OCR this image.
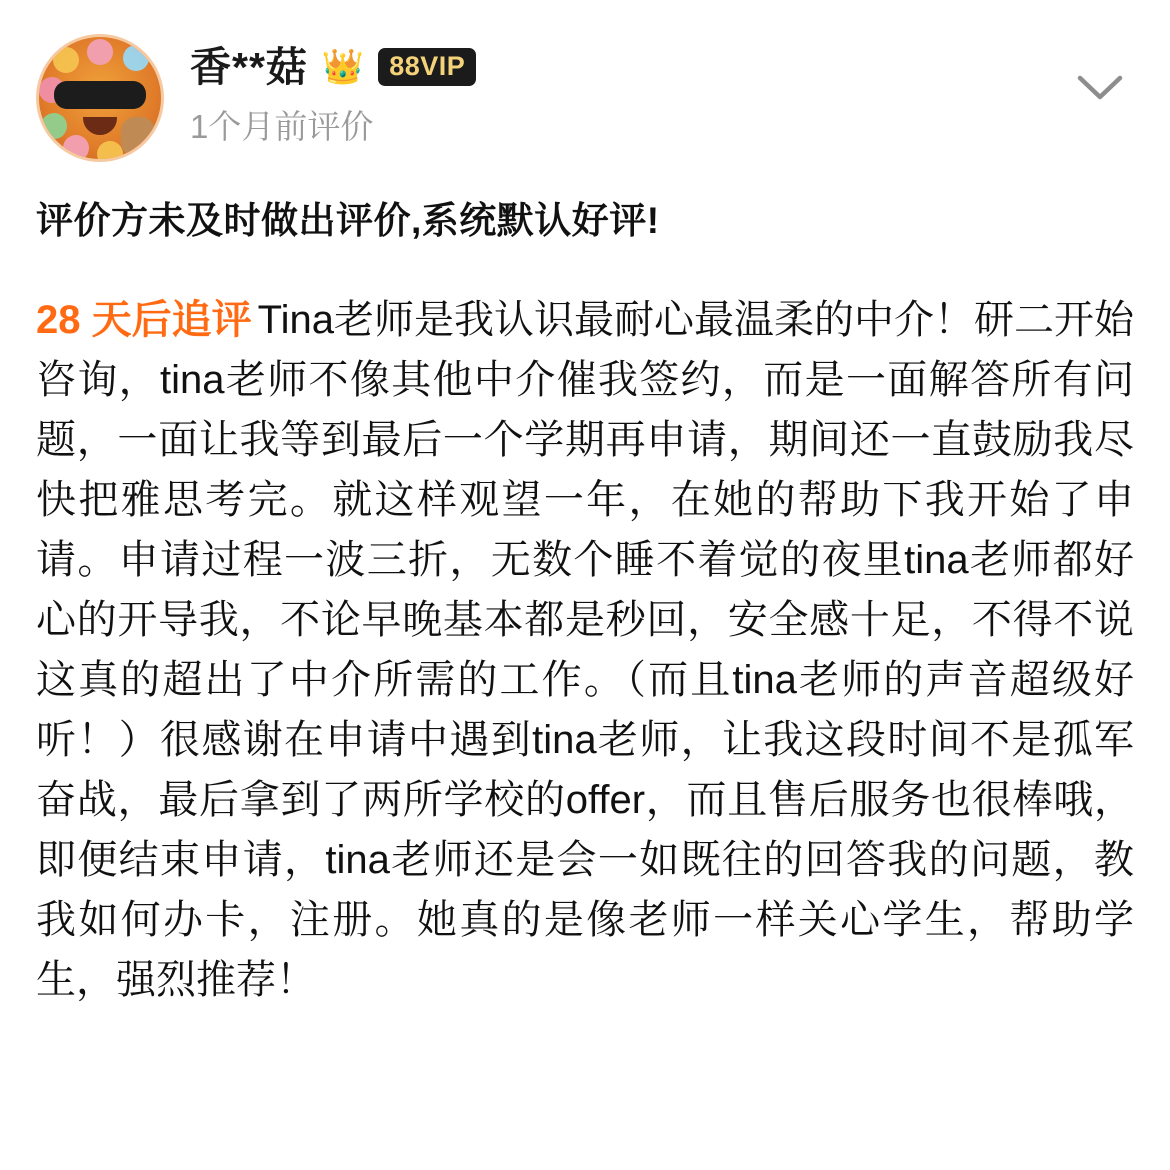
香**菇 👑 88VIP
1个月前评价
评价方未及时做出评价,系统默认好评!
28 天后追评 Tina老师是我认识最耐心最温柔的中介！研二开始咨询，tina老师不像其他中介催我签约，而是一面解答所有问题，一面让我等到最后一个学期再申请，期间还一直鼓励我尽快把雅思考完。就这样观望一年，在她的帮助下我开始了申请。申请过程一波三折，无数个睡不着觉的夜里tina老师都好心的开导我，不论早晚基本都是秒回，安全感十足，不得不说这真的超出了中介所需的工作。（而且tina老师的声音超级好听！）很感谢在申请中遇到tina老师，让我这段时间不是孤军奋战，最后拿到了两所学校的offer，而且售后服务也很棒哦，即便结束申请，tina老师还是会一如既往的回答我的问题，教我如何办卡，注册。她真的是像老师一样关心学生，帮助学生，强烈推荐！
